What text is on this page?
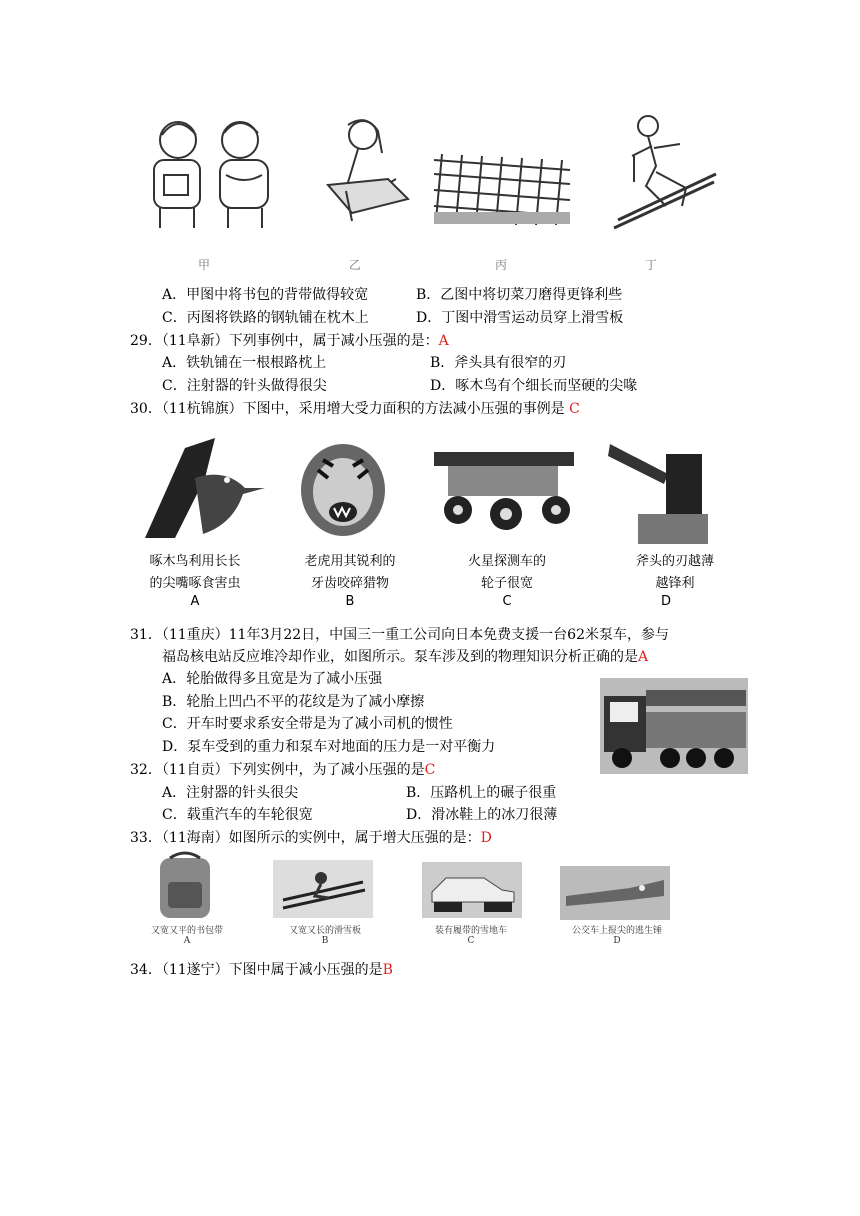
甲	乙	丙	丁
A．甲图中将书包的背带做得较宽	B．乙图中将切菜刀磨得更锋利些
C．丙图将铁路的钢轨铺在枕木上	D．丁图中滑雪运动员穿上滑雪板
29．（11阜新）下列事例中，属于减小压强的是：A
A．铁轨铺在一根根路枕上	B．斧头具有很窄的刃
C．注射器的针头做得很尖	D．啄木鸟有个细长而坚硬的尖喙
30．（11杭锦旗）下图中，采用增大受力面积的方法减小压强的事例是 C
啄木鸟利用长长
的尖嘴啄食害虫
A
老虎用其锐利的
牙齿咬碎猎物
B
火星探测车的
轮子很宽
C
斧头的刃越薄
越锋利
D
31．（11重庆）11年3月22日，中国三一重工公司向日本免费支援一台62米泵车，参与
福岛核电站反应堆冷却作业，如图所示。泵车涉及到的物理知识分析正确的是A
A．轮胎做得多且宽是为了减小压强
B．轮胎上凹凸不平的花纹是为了减小摩擦
C．开车时要求系安全带是为了减小司机的惯性
D．泵车受到的重力和泵车对地面的压力是一对平衡力
32．（11自贡）下列实例中，为了减小压强的是C
A．注射器的针头很尖	B．压路机上的碾子很重
C．载重汽车的车轮很宽	D．滑冰鞋上的冰刀很薄
33．（11海南）如图所示的实例中，属于增大压强的是：D
又宽又平的书包带
A
又宽又长的滑雪板
B
装有履带的雪地车
C
公交车上报尖的逃生锤
D
34．（11遂宁）下图中属于减小压强的是B
